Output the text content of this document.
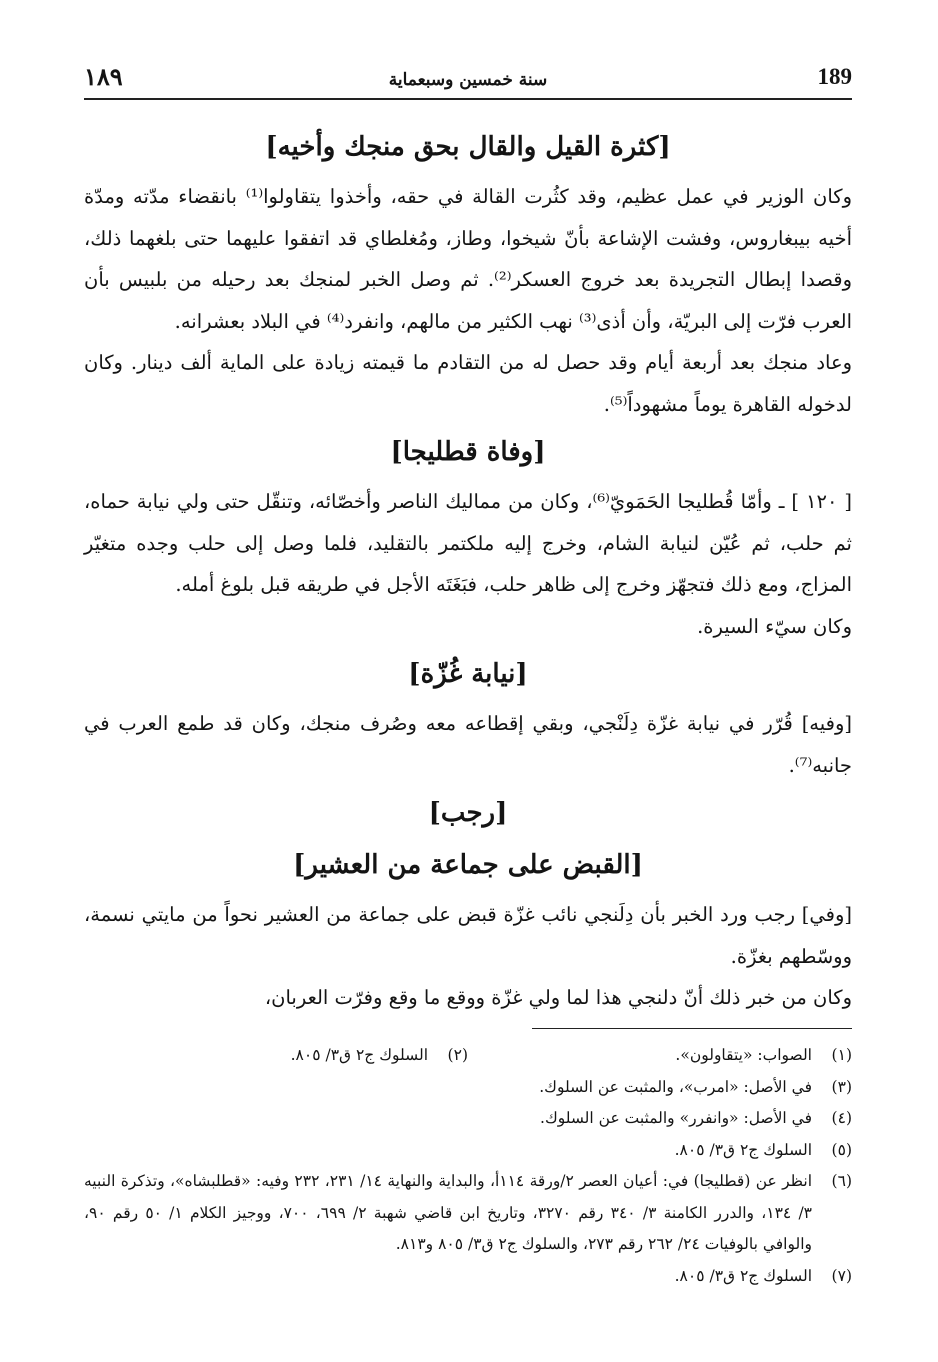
189
سنة خمسين وسبعماية
١٨٩
[كثرة القيل والقال بحق منجك وأخيه]

وكان الوزير في عمل عظيم، وقد كثُرت القالة في حقه، وأخذوا يتقاولوا⁽¹⁾ بانقضاء مدّته ومدّة أخيه بيبغاروس، وفشت الإشاعة بأنّ شيخوا، وطاز، ومُغلطاي قد اتفقوا عليهما حتى بلغهما ذلك، وقصدا إبطال التجريدة بعد خروج العسكر⁽²⁾. ثم وصل الخبر لمنجك بعد رحيله من بلبيس بأن العرب فرّت إلى البريّة، وأن أذى⁽³⁾ نهب الكثير من مالهم، وانفرد⁽⁴⁾ في البلاد بعشرانه.

وعاد منجك بعد أربعة أيام وقد حصل له من التقادم ما قيمته زيادة على الماية ألف دينار. وكان لدخوله القاهرة يوماً مشهوداً⁽⁵⁾.

[وفاة قطليجا]

[ ١٢٠ ] ـ وأمّا قُطليجا الحَمَويّ⁽⁶⁾، وكان من مماليك الناصر وأخصّائه، وتنقّل حتى ولي نيابة حماه، ثم حلب، ثم عُيّن لنيابة الشام، وخرج إليه ملكتمر بالتقليد، فلما وصل إلى حلب وجده متغيّر المزاج، ومع ذلك فتجهّز وخرج إلى ظاهر حلب، فبَغَتَه الأجل في طريقه قبل بلوغ أمله.

وكان سيّء السيرة.

[نيابة غُزّة]

[وفيه] قُرّر في نيابة غزّة دِلَنْجي، وبقي إقطاعه معه وصُرف منجك، وكان قد طمع العرب في جانبه⁽⁷⁾.

[رجب]
[القبض على جماعة من العشير]

[وفي] رجب ورد الخبر بأن دِلَنجي نائب غزّة قبض على جماعة من العشير نحواً من مايتي نسمة، ووسّطهم بغزّة.

وكان من خبر ذلك أنّ دلنجي هذا لما ولي غزّة ووقع ما وقع وفرّت العربان،

(١)
الصواب: «يتقاولون».
(٢)
السلوك ج٢ ق٣/ ٨٠٥.
(٣)
في الأصل: «امرب»، والمثبت عن السلوك.
(٤)
في الأصل: «وانفرر» والمثبت عن السلوك.
(٥)
السلوك ج٢ ق٣/ ٨٠٥.
(٦)
انظر عن (قطليجا) في: أعيان العصر ٢/ورقة ١١٤أ، والبداية والنهاية ١٤/ ٢٣١، ٢٣٢ وفيه: «قطلبشاه»، وتذكرة النبيه ٣/ ١٣٤، والدرر الكامنة ٣/ ٣٤٠ رقم ٣٢٧٠، وتاريخ ابن قاضي شهبة ٢/ ٦٩٩، ٧٠٠، ووجيز الكلام ١/ ٥٠ رقم ٩٠، والوافي بالوفيات ٢٤/ ٢٦٢ رقم ٢٧٣، والسلوك ج٢ ق٣/ ٨٠٥ و٨١٣.
(٧)
السلوك ج٢ ق٣/ ٨٠٥.
